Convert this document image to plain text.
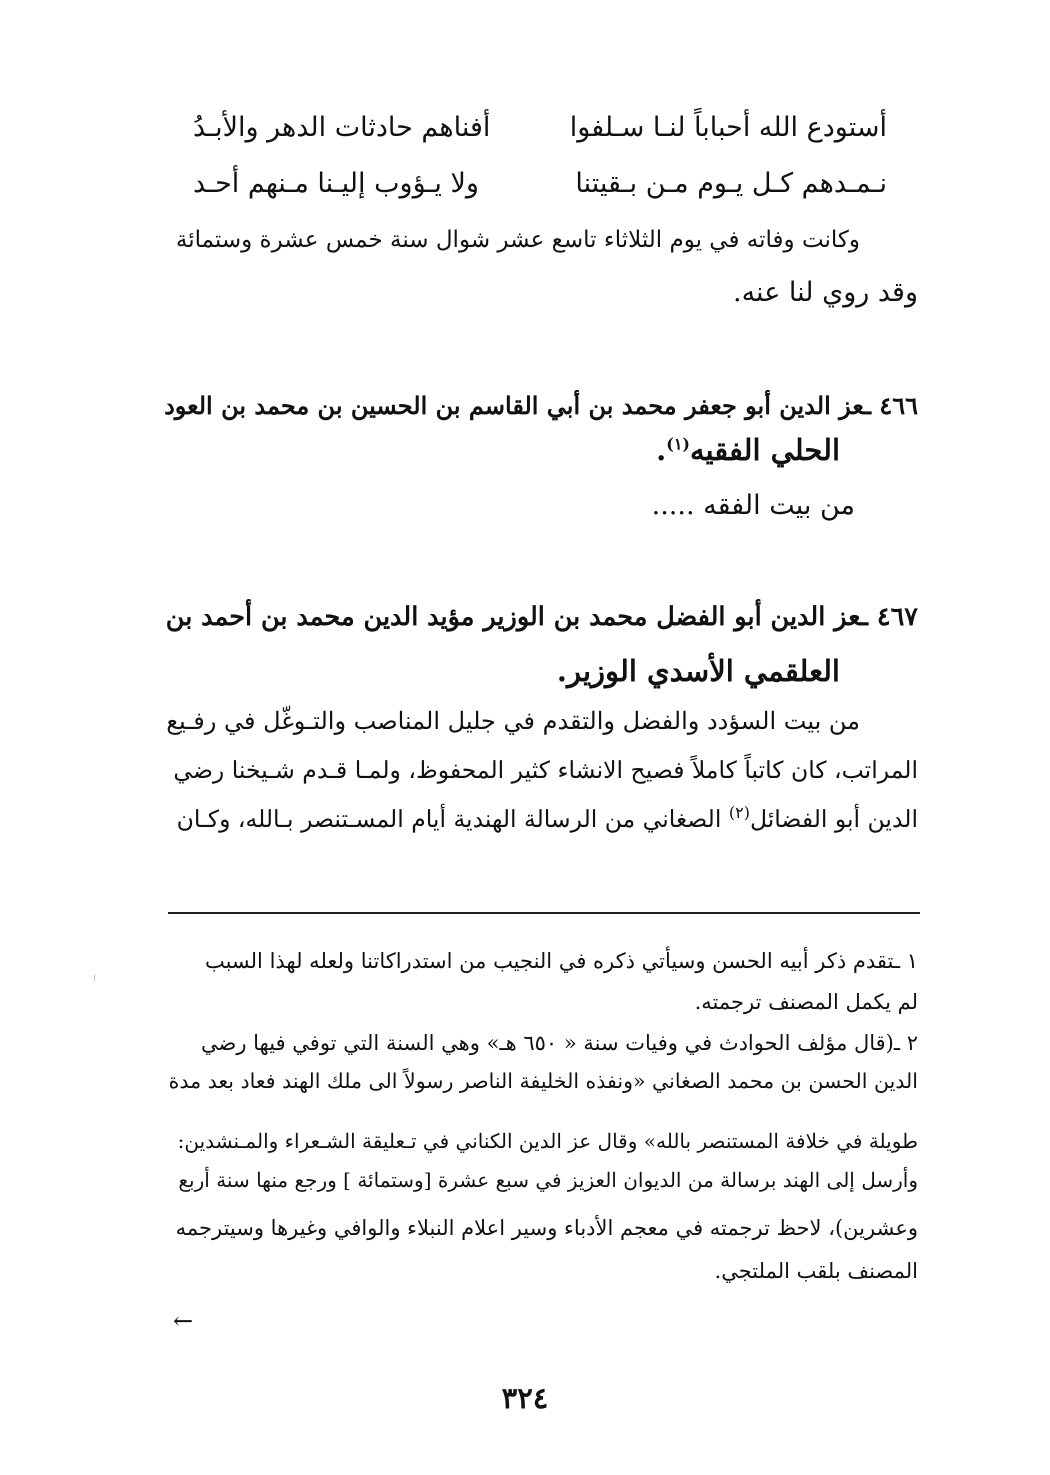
أستودع الله أحباباً لنـا سـلفوا
أفناهم حادثات الدهر والأبـدُ
نـمـدهم كـل يـوم مـن بـقيتنا
ولا يـؤوب إليـنا مـنهم أحـد
وكانت وفاته في يوم الثلاثاء تاسع عشر شوال سنة خمس عشرة وستمائة
وقد روي لنا عنه.
٤٦٦ ـعز الدين أبو جعفر محمد بن أبي القاسم بن الحسين بن محمد بن العود
الحلي الفقيه$^{(١)}$.
من بيت الفقه .....
٤٦٧ ـعز الدين أبو الفضل محمد بن الوزير مؤيد الدين محمد بن أحمد بن
العلقمي الأسدي الوزير.
من بيت السؤدد والفضل والتقدم في جليل المناصب والتـوغّل في رفـيع
المراتب، كان كاتباً كاملاً فصيح الانشاء كثير المحفوظ، ولمـا قـدم شـيخنا رضي
الدين أبو الفضائل$^{(٢)}$ الصغاني من الرسالة الهندية أيام المسـتنصر بـالله، وكـان
١ ـتقدم ذكر أبيه الحسن وسيأتي ذكره في النجيب من استدراكاتنا ولعله لهذا السبب
لم يكمل المصنف ترجمته.
٢ ـ(قال مؤلف الحوادث في وفيات سنة « ٦٥٠ هـ» وهي السنة التي توفي فيها رضي
الدين الحسن بن محمد الصغاني «ونفذه الخليفة الناصر رسولاً الى ملك الهند فعاد بعد مدة
طويلة في خلافة المستنصر بالله» وقال عز الدين الكناني في تـعليقة الشـعراء والمـنشدين:
وأرسل إلى الهند برسالة من الديوان العزيز في سبع عشرة [وستمائة ] ورجع منها سنة أربع
وعشرين)، لاحظ ترجمته في معجم الأدباء وسير اعلام النبلاء والوافي وغيرها وسيترجمه
المصنف بلقب الملتجي.
←
٣٢٤
